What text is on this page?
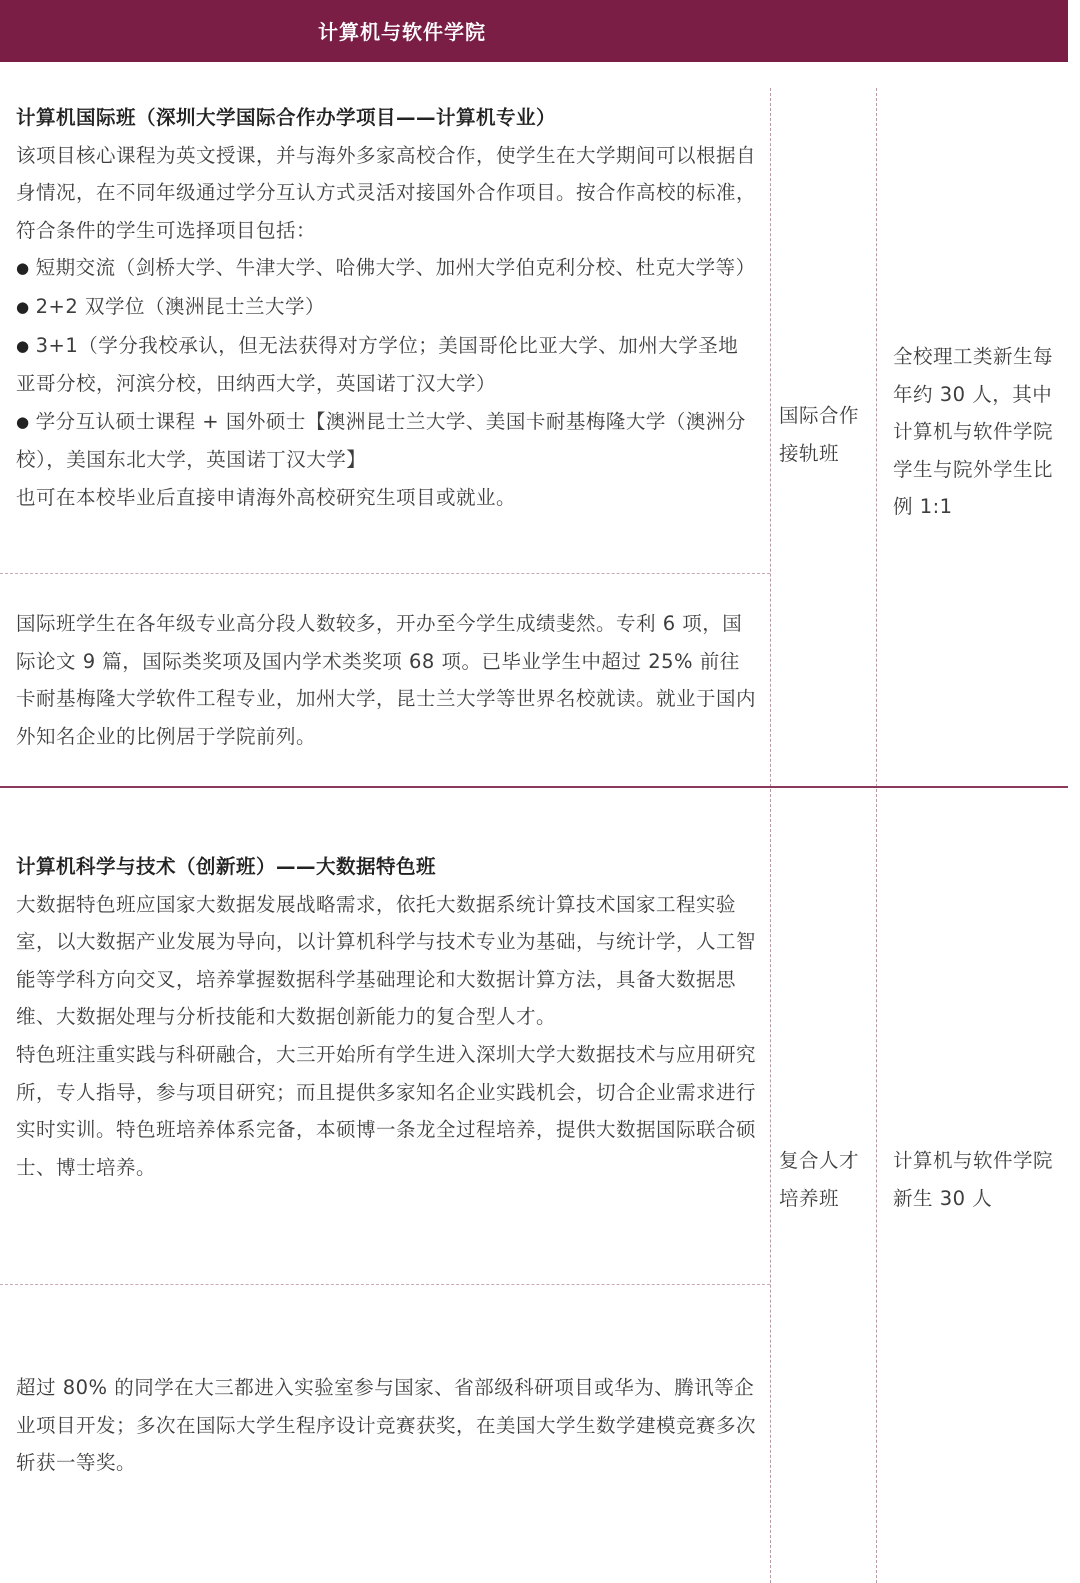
计算机与软件学院

计算机国际班（深圳大学国际合作办学项目——计算机专业）

该项目核心课程为英文授课，并与海外多家高校合作，使学生在大学期间可以根据自身情况，在不同年级通过学分互认方式灵活对接国外合作项目。按合作高校的标准，符合条件的学生可选择项目包括：

● 短期交流（剑桥大学、牛津大学、哈佛大学、加州大学伯克利分校、杜克大学等）

● 2+2 双学位（澳洲昆士兰大学）

● 3+1（学分我校承认，但无法获得对方学位；美国哥伦比亚大学、加州大学圣地亚哥分校，河滨分校，田纳西大学，英国诺丁汉大学）

● 学分互认硕士课程 + 国外硕士【澳洲昆士兰大学、美国卡耐基梅隆大学（澳洲分校），美国东北大学，英国诺丁汉大学】

也可在本校毕业后直接申请海外高校研究生项目或就业。

国际班学生在各年级专业高分段人数较多，开办至今学生成绩斐然。专利 6 项，国际论文 9 篇，国际类奖项及国内学术类奖项 68 项。已毕业学生中超过 25% 前往卡耐基梅隆大学软件工程专业，加州大学，昆士兰大学等世界名校就读。就业于国内外知名企业的比例居于学院前列。

国际合作接轨班

全校理工类新生每年约 30 人，其中计算机与软件学院学生与院外学生比例 1:1

计算机科学与技术（创新班）——大数据特色班

大数据特色班应国家大数据发展战略需求，依托大数据系统计算技术国家工程实验室，以大数据产业发展为导向，以计算机科学与技术专业为基础，与统计学，人工智能等学科方向交叉，培养掌握数据科学基础理论和大数据计算方法，具备大数据思维、大数据处理与分析技能和大数据创新能力的复合型人才。

特色班注重实践与科研融合，大三开始所有学生进入深圳大学大数据技术与应用研究所，专人指导，参与项目研究；而且提供多家知名企业实践机会，切合企业需求进行实时实训。特色班培养体系完备，本硕博一条龙全过程培养，提供大数据国际联合硕士、博士培养。

超过 80% 的同学在大三都进入实验室参与国家、省部级科研项目或华为、腾讯等企业项目开发；多次在国际大学生程序设计竞赛获奖，在美国大学生数学建模竞赛多次斩获一等奖。

复合人才培养班

计算机与软件学院新生 30 人
